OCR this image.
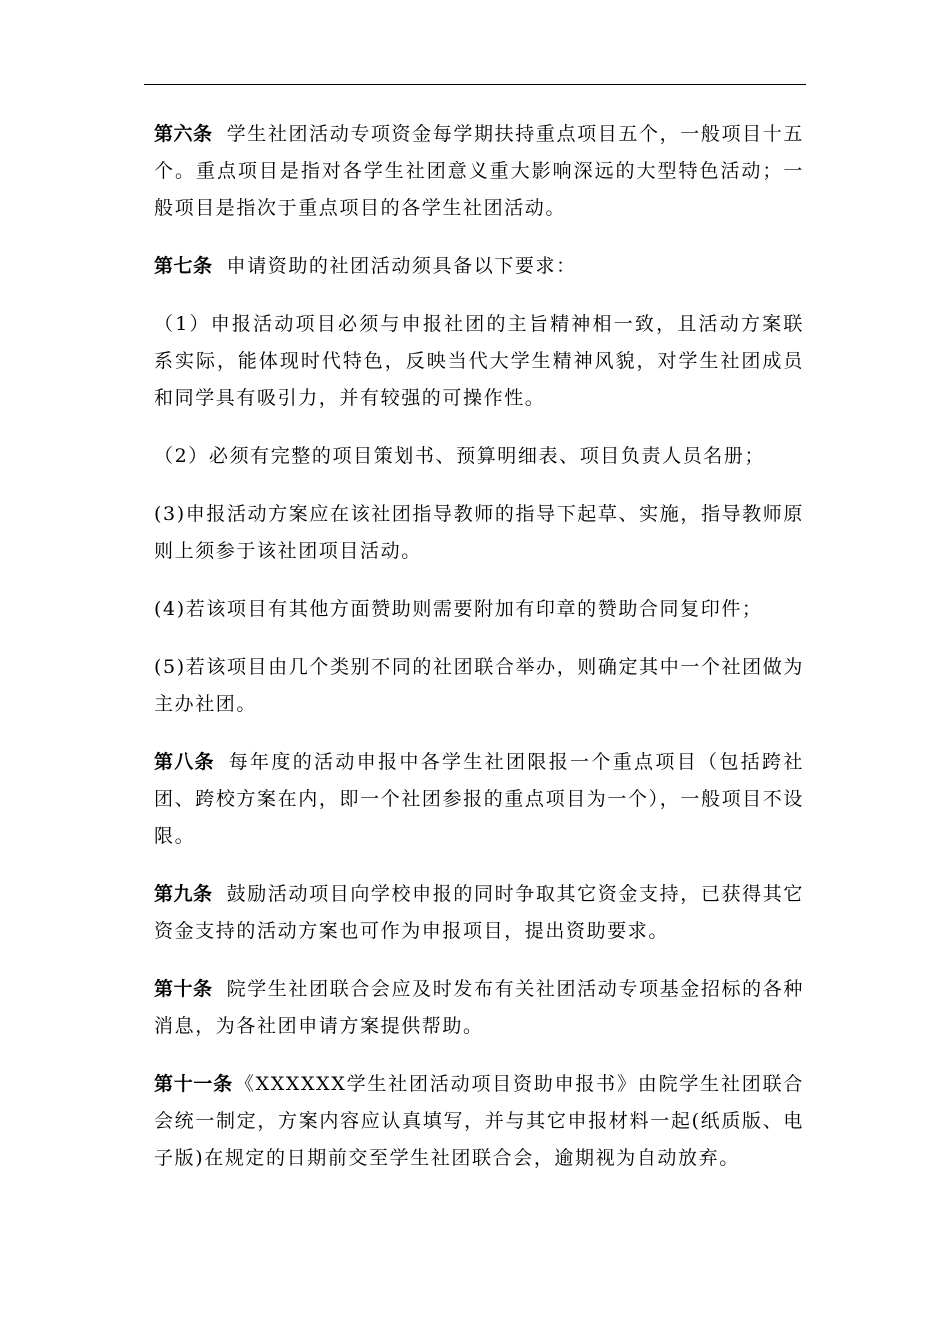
第六条 学生社团活动专项资金每学期扶持重点项目五个，一般项目十五个。重点项目是指对各学生社团意义重大影响深远的大型特色活动；一般项目是指次于重点项目的各学生社团活动。

第七条 申请资助的社团活动须具备以下要求：

（1）申报活动项目必须与申报社团的主旨精神相一致，且活动方案联系实际，能体现时代特色，反映当代大学生精神风貌，对学生社团成员和同学具有吸引力，并有较强的可操作性。

（2）必须有完整的项目策划书、预算明细表、项目负责人员名册；

(3)申报活动方案应在该社团指导教师的指导下起草、实施，指导教师原则上须参于该社团项目活动。

(4)若该项目有其他方面赞助则需要附加有印章的赞助合同复印件；

(5)若该项目由几个类别不同的社团联合举办，则确定其中一个社团做为主办社团。

第八条 每年度的活动申报中各学生社团限报一个重点项目（包括跨社团、跨校方案在内，即一个社团参报的重点项目为一个），一般项目不设限。

第九条 鼓励活动项目向学校申报的同时争取其它资金支持，已获得其它资金支持的活动方案也可作为申报项目，提出资助要求。

第十条 院学生社团联合会应及时发布有关社团活动专项基金招标的各种消息，为各社团申请方案提供帮助。

第十一条 《XXXXXX学生社团活动项目资助申报书》由院学生社团联合会统一制定，方案内容应认真填写，并与其它申报材料一起(纸质版、电子版)在规定的日期前交至学生社团联合会，逾期视为自动放弃。
